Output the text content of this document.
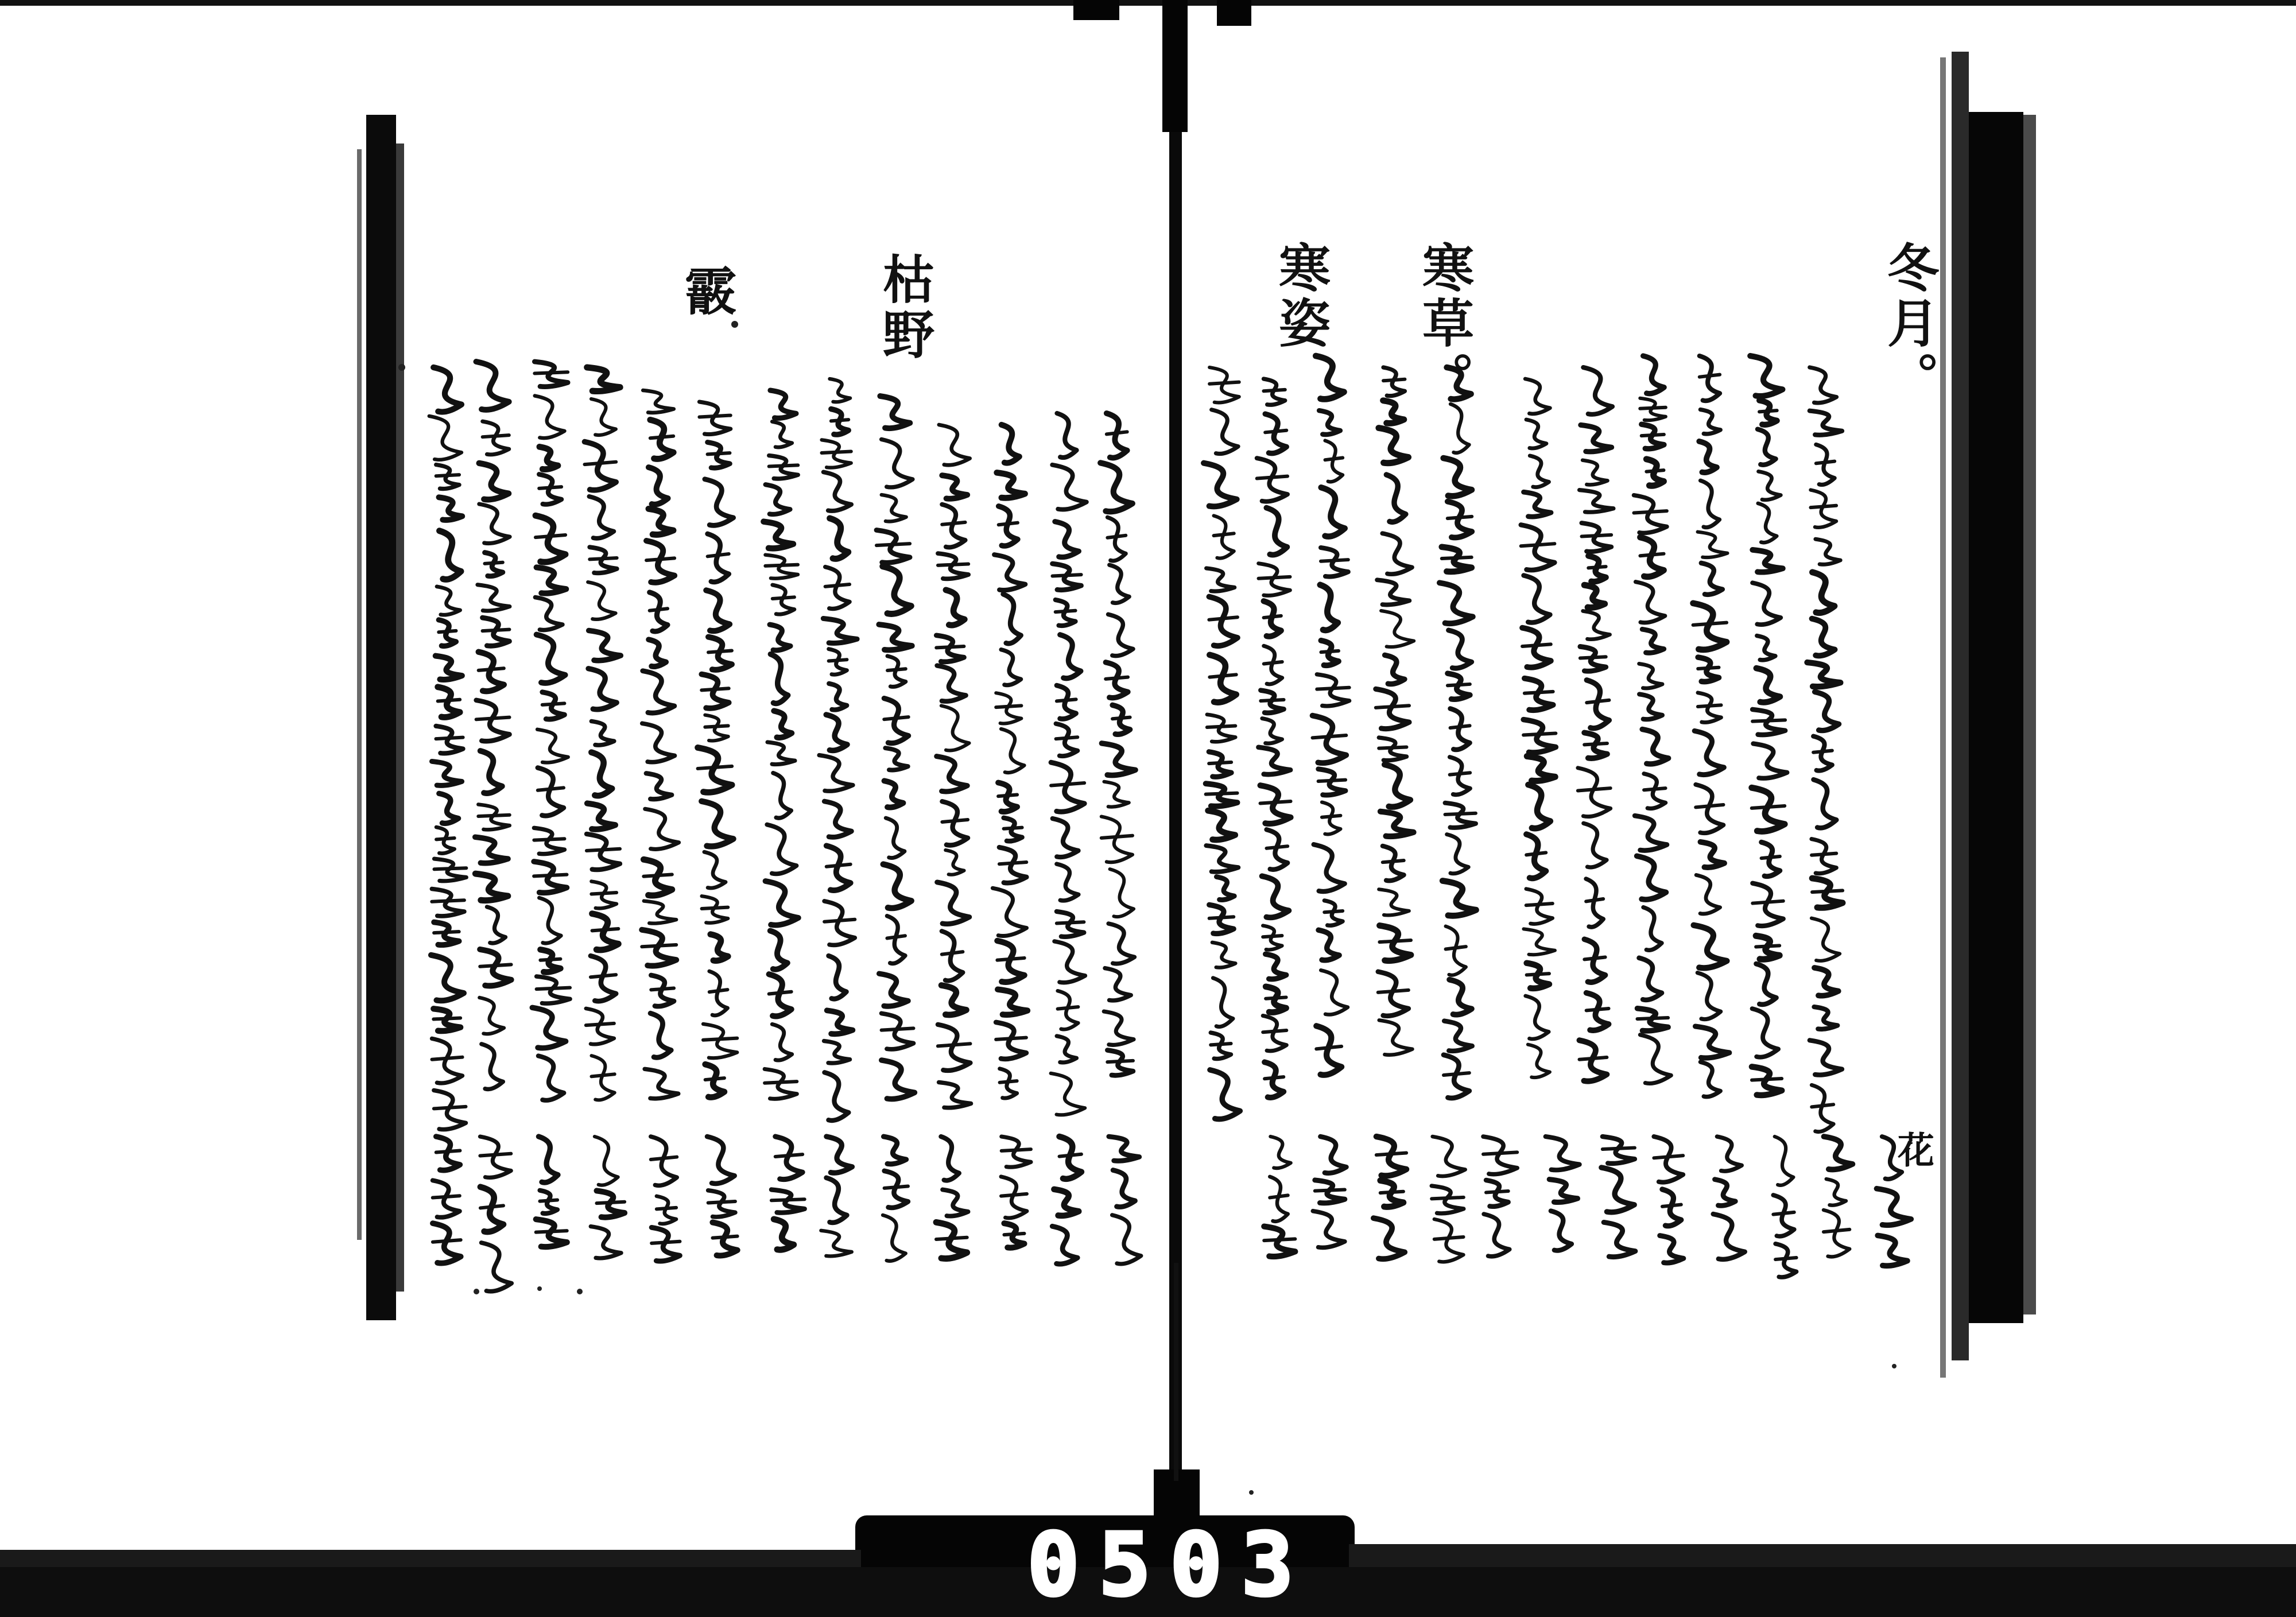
冬月。
寒草。
寒姿
枯野
霰
花
0503
